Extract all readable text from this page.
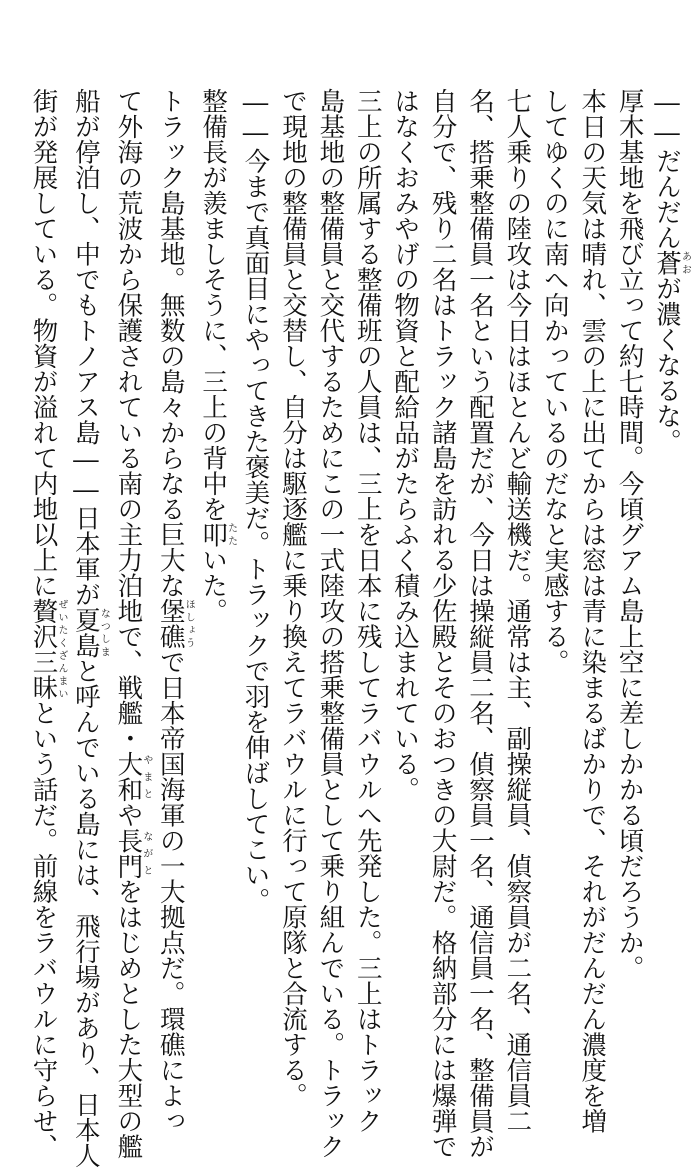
――だんだん蒼あおが濃くなるな。
厚木基地を飛び立って約七時間。今頃グアム島上空に差しかかる頃だろうか。
本日の天気は晴れ、雲の上に出てからは窓は青に染まるばかりで、それがだんだん濃度を増
してゆくのに南へ向かっているのだなと実感する。
七人乗りの陸攻は今日はほとんど輸送機だ。通常は主、副操縦員、偵察員が二名、通信員二
名、搭乗整備員一名という配置だが、今日は操縦員二名、偵察員一名、通信員一名、整備員が
自分で、残り二名はトラック諸島を訪れる少佐殿とそのおつきの大尉だ。格納部分には爆弾で
はなくおみやげの物資と配給品がたらふく積み込まれている。
三上の所属する整備班の人員は、三上を日本に残してラバウルへ先発した。三上はトラック
島基地の整備員と交代するためにこの一式陸攻の搭乗整備員として乗り組んでいる。トラック
で現地の整備員と交替し、自分は駆逐艦に乗り換えてラバウルに行って原隊と合流する。
――今まで真面目にやってきた褒美だ。トラックで羽を伸ばしてこい。
整備長が羨ましそうに、三上の背中を叩たたいた。
トラック島基地。無数の島々からなる巨大な堡礁ほしょうで日本帝国海軍の一大拠点だ。環礁によっ
て外海の荒波から保護されている南の主力泊地で、戦艦・大和やまとや長門ながとをはじめとした大型の艦
船が停泊し、中でもトノアス島――日本軍が夏島なつしまと呼んでいる島には、飛行場があり、日本人
街が発展している。物資が溢れて内地以上に贅沢三昧ぜいたくざんまいという話だ。前線をラバウルに守らせ、
